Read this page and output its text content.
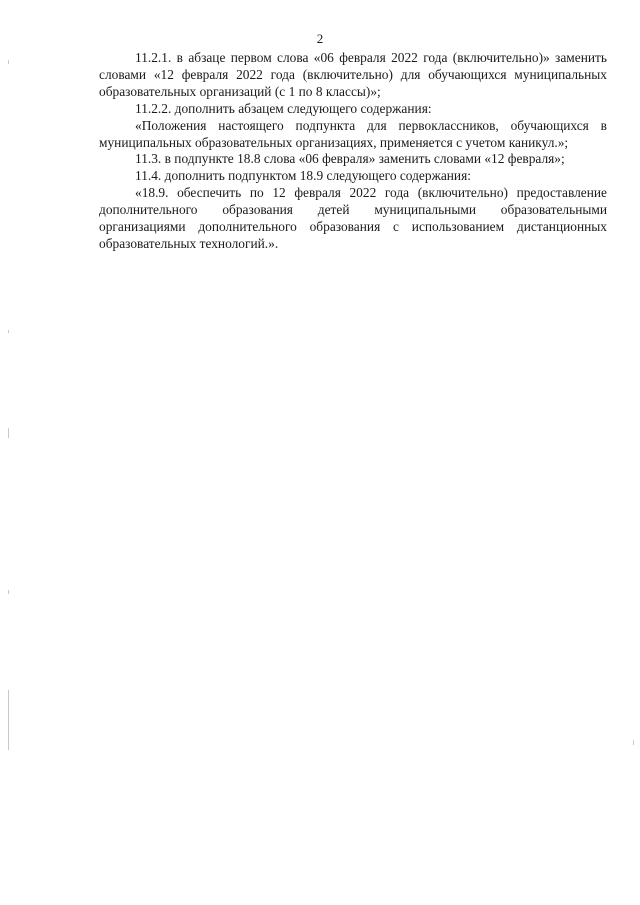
2

11.2.1. в абзаце первом слова «06 февраля 2022 года (включительно)» заменить словами «12 февраля 2022 года (включительно) для обучающихся муниципальных образовательных организаций (с 1 по 8 классы)»;

11.2.2. дополнить абзацем следующего содержания:

«Положения настоящего подпункта для первоклассников, обучающихся в муниципальных образовательных организациях, применяется с учетом каникул.»;

11.3. в подпункте 18.8 слова «06 февраля» заменить словами «12 февраля»;

11.4. дополнить подпунктом 18.9 следующего содержания:

«18.9. обеспечить по 12 февраля 2022 года (включительно) предоставление дополнительного образования детей муниципальными образовательными организациями дополнительного образования с использованием дистанционных образовательных технологий.».
